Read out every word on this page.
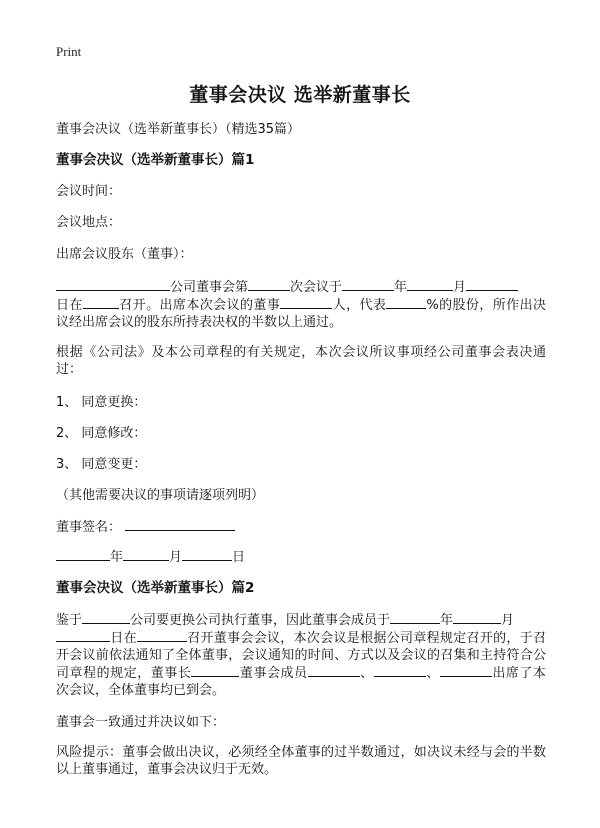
Print
董事会决议 选举新董事长
董事会决议（选举新董事长）（精选35篇）
董事会决议（选举新董事长）篇1
会议时间：
会议地点：
出席会议股东（董事）：
公司董事会第	次会议于	年	月
日在	召开。出席本次会议的董事	人，代表	%的股份，所作出决议经出席会议的股东所持表决权的半数以上通过。
根据《公司法》及本公司章程的有关规定，本次会议所议事项经公司董事会表决通过：
1、 同意更换：
2、 同意修改：
3、 同意变更：
（其他需要决议的事项请逐项列明）
董事签名：
年	月	日
董事会决议（选举新董事长）篇2
鉴于	公司要更换公司执行董事，因此董事会成员于	年	月
日在	召开董事会会议，本次会议是根据公司章程规定召开的，于召开会议前依法通知了全体董事，会议通知的时间、方式以及会议的召集和主持符合公司章程的规定，董事长	董事会成员	、	、	出席了本次会议，全体董事均已到会。
董事会一致通过并决议如下：
风险提示：董事会做出决议，必须经全体董事的过半数通过，如决议未经与会的半数以上董事通过，董事会决议归于无效。
